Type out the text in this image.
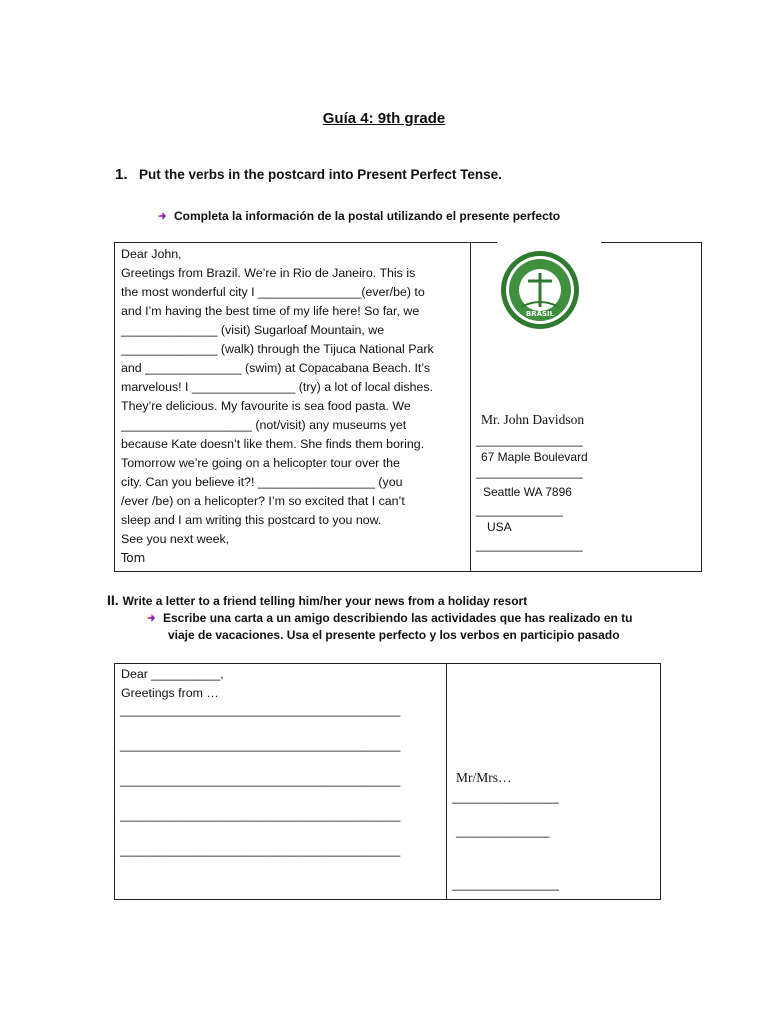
Guía 4: 9th grade
1. Put the verbs in the postcard into Present Perfect Tense.
Completa la información de la postal utilizando el presente perfecto

Dear John,

Greetings from Brazil. We’re in Rio de Janeiro. This is

the most wonderful city I _______________(ever/be) to

and I’m having the best time of my life here! So far, we

______________ (visit) Sugarloaf Mountain, we

______________ (walk) through the Tijuca National Park

and ______________ (swim) at Copacabana Beach. It’s

marvelous! I _______________ (try) a lot of local dishes.

They’re delicious. My favourite is sea food pasta. We

___________________ (not/visit) any museums yet

because Kate doesn’t like them. She finds them boring.

Tomorrow we’re going on a helicopter tour over the

city. Can you believe it?! _________________ (you

/ever /be) on a helicopter? I’m so excited that I can’t

sleep and I am writing this postcard to you now.

See you next week,

Tom

BRASIL
Mr. John Davidson
________________
67 Maple Boulevard
________________
Seattle WA 7896
_____________
USA
________________
II. Write a letter to a friend telling him/her your news from a holiday resort
Escribe una carta a un amigo describiendo las actividades que has realizado en tu
viaje de vacaciones. Usa el presente perfecto y los verbos en participio pasado

Dear __________,

Greetings from …

__________________________________________
__________________________________________
__________________________________________
__________________________________________
__________________________________________
Mr/Mrs…
________________
______________
________________
